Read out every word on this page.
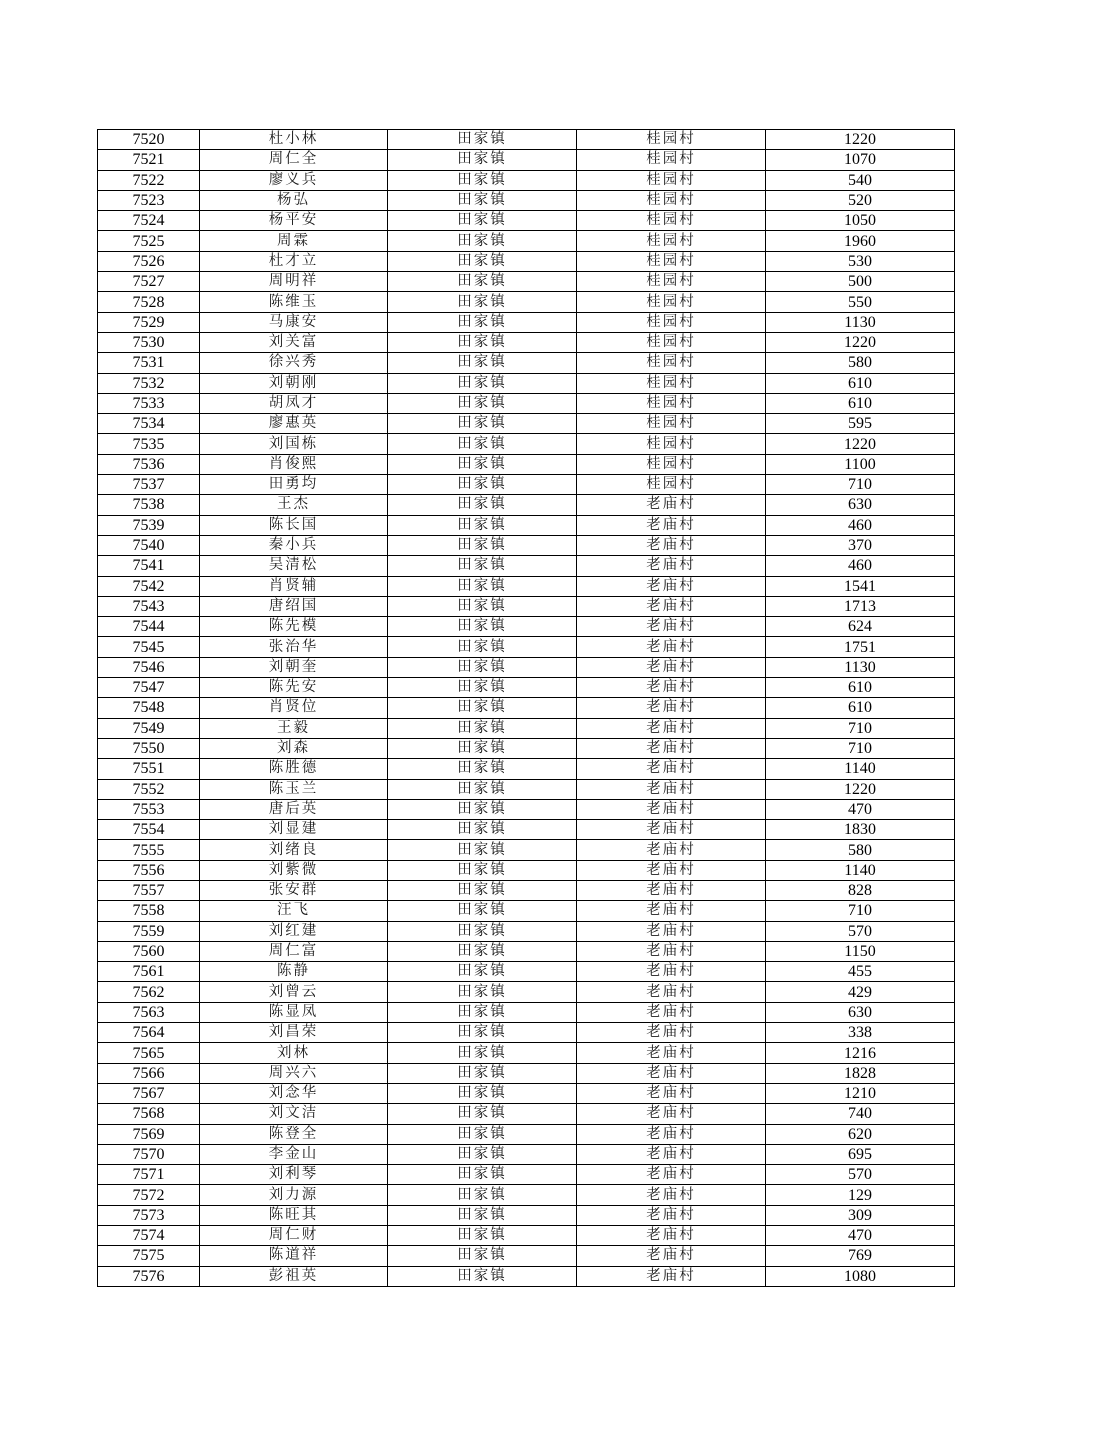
7520	杜小林	田家镇	桂园村	1220
7521	周仁全	田家镇	桂园村	1070
7522	廖义兵	田家镇	桂园村	540
7523	杨弘	田家镇	桂园村	520
7524	杨平安	田家镇	桂园村	1050
7525	周霖	田家镇	桂园村	1960
7526	杜才立	田家镇	桂园村	530
7527	周明祥	田家镇	桂园村	500
7528	陈维玉	田家镇	桂园村	550
7529	马康安	田家镇	桂园村	1130
7530	刘关富	田家镇	桂园村	1220
7531	徐兴秀	田家镇	桂园村	580
7532	刘朝刚	田家镇	桂园村	610
7533	胡凤才	田家镇	桂园村	610
7534	廖惠英	田家镇	桂园村	595
7535	刘国栋	田家镇	桂园村	1220
7536	肖俊熙	田家镇	桂园村	1100
7537	田勇均	田家镇	桂园村	710
7538	王杰	田家镇	老庙村	630
7539	陈长国	田家镇	老庙村	460
7540	秦小兵	田家镇	老庙村	370
7541	吴清松	田家镇	老庙村	460
7542	肖贤辅	田家镇	老庙村	1541
7543	唐绍国	田家镇	老庙村	1713
7544	陈先模	田家镇	老庙村	624
7545	张治华	田家镇	老庙村	1751
7546	刘朝奎	田家镇	老庙村	1130
7547	陈先安	田家镇	老庙村	610
7548	肖贤位	田家镇	老庙村	610
7549	王毅	田家镇	老庙村	710
7550	刘森	田家镇	老庙村	710
7551	陈胜德	田家镇	老庙村	1140
7552	陈玉兰	田家镇	老庙村	1220
7553	唐后英	田家镇	老庙村	470
7554	刘显建	田家镇	老庙村	1830
7555	刘绪良	田家镇	老庙村	580
7556	刘紫微	田家镇	老庙村	1140
7557	张安群	田家镇	老庙村	828
7558	汪飞	田家镇	老庙村	710
7559	刘红建	田家镇	老庙村	570
7560	周仁富	田家镇	老庙村	1150
7561	陈静	田家镇	老庙村	455
7562	刘曾云	田家镇	老庙村	429
7563	陈显凤	田家镇	老庙村	630
7564	刘昌荣	田家镇	老庙村	338
7565	刘林	田家镇	老庙村	1216
7566	周兴六	田家镇	老庙村	1828
7567	刘念华	田家镇	老庙村	1210
7568	刘文洁	田家镇	老庙村	740
7569	陈登全	田家镇	老庙村	620
7570	李金山	田家镇	老庙村	695
7571	刘利琴	田家镇	老庙村	570
7572	刘力源	田家镇	老庙村	129
7573	陈旺其	田家镇	老庙村	309
7574	周仁财	田家镇	老庙村	470
7575	陈道祥	田家镇	老庙村	769
7576	彭祖英	田家镇	老庙村	1080
